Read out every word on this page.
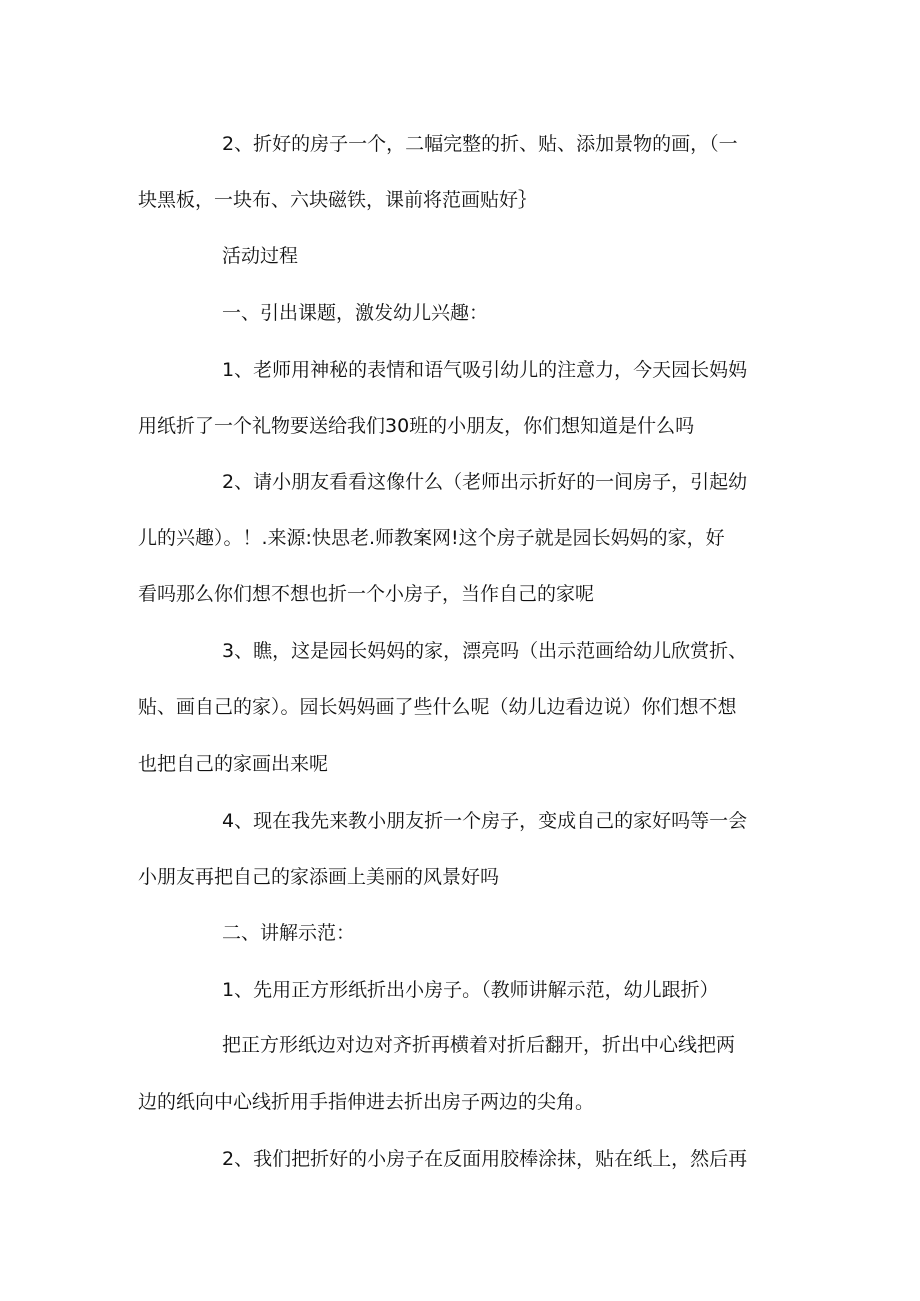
2、折好的房子一个，二幅完整的折、贴、添加景物的画，（一
块黑板，一块布、六块磁铁，课前将范画贴好｝
活动过程
一、引出课题，激发幼儿兴趣：
1、老师用神秘的表情和语气吸引幼儿的注意力，今天园长妈妈
用纸折了一个礼物要送给我们30班的小朋友，你们想知道是什么吗
2、请小朋友看看这像什么（老师出示折好的一间房子，引起幼
儿的兴趣）。！.来源:快思老.师教案网!这个房子就是园长妈妈的家，好
看吗那么你们想不想也折一个小房子，当作自己的家呢
3、瞧，这是园长妈妈的家，漂亮吗（出示范画给幼儿欣赏折、
贴、画自己的家）。园长妈妈画了些什么呢（幼儿边看边说）你们想不想
也把自己的家画出来呢
4、现在我先来教小朋友折一个房子，变成自己的家好吗等一会
小朋友再把自己的家添画上美丽的风景好吗
二、讲解示范：
1、先用正方形纸折出小房子。（教师讲解示范，幼儿跟折）
把正方形纸边对边对齐折再横着对折后翻开，折出中心线把两
边的纸向中心线折用手指伸进去折出房子两边的尖角。
2、我们把折好的小房子在反面用胶棒涂抹，贴在纸上，然后再
